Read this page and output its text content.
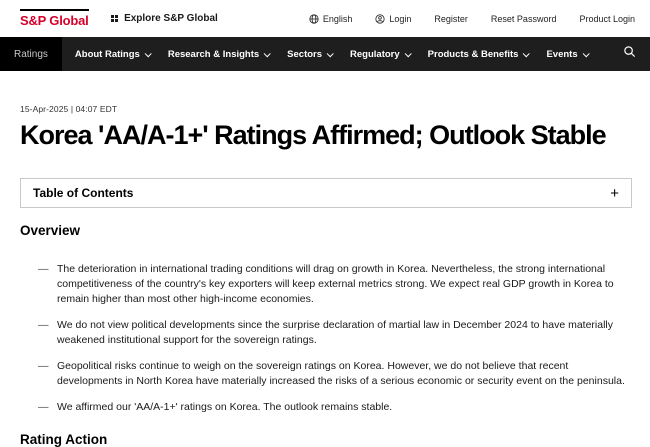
S&P Global	Explore S&P Global	English	Login	Register	Reset Password	Product Login
Ratings	About Ratings	Research & Insights	Sectors	Regulatory	Products & Benefits	Events
15-Apr-2025 | 04:07 EDT
Korea 'AA/A-1+' Ratings Affirmed; Outlook Stable
Table of Contents	+
Overview
— The deterioration in international trading conditions will drag on growth in Korea. Nevertheless, the strong international competitiveness of the country's key exporters will keep external metrics strong. We expect real GDP growth in Korea to remain higher than most other high-income economies.
— We do not view political developments since the surprise declaration of martial law in December 2024 to have materially weakened institutional support for the sovereign ratings.
— Geopolitical risks continue to weigh on the sovereign ratings on Korea. However, we do not believe that recent developments in North Korea have materially increased the risks of a serious economic or security event on the peninsula.
— We affirmed our 'AA/A-1+' ratings on Korea. The outlook remains stable.
Rating Action
